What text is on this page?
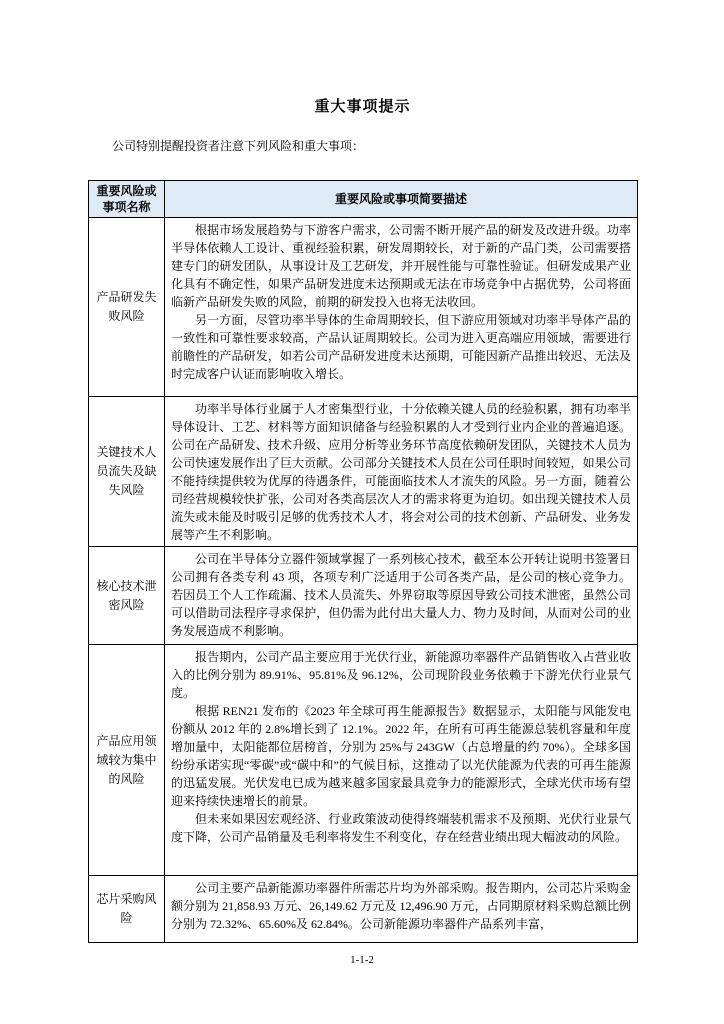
重大事项提示

公司特别提醒投资者注意下列风险和重大事项：

重要风险或事项名称	重要风险或事项简要描述
产品研发失败风险	根据市场发展趋势与下游客户需求，公司需不断开展产品的研发及改进升级。功率半导体依赖人工设计、重视经验积累，研发周期较长，对于新的产品门类，公司需要搭建专门的研发团队，从事设计及工艺研发，并开展性能与可靠性验证。但研发成果产业化具有不确定性，如果产品研发进度未达预期或无法在市场竞争中占据优势，公司将面临新产品研发失败的风险，前期的研发投入也将无法收回。

另一方面，尽管功率半导体的生命周期较长，但下游应用领域对功率半导体产品的一致性和可靠性要求较高，产品认证周期较长。公司为进入更高端应用领域，需要进行前瞻性的产品研发，如若公司产品研发进度未达预期，可能因新产品推出较迟、无法及时完成客户认证而影响收入增长。

关键技术人员流失及缺失风险	功率半导体行业属于人才密集型行业，十分依赖关键人员的经验积累，拥有功率半导体设计、工艺、材料等方面知识储备与经验积累的人才受到行业内企业的普遍追逐。公司在产品研发、技术升级、应用分析等业务环节高度依赖研发团队，关键技术人员为公司快速发展作出了巨大贡献。公司部分关键技术人员在公司任职时间较短，如果公司不能持续提供较为优厚的待遇条件，可能面临技术人才流失的风险。另一方面，随着公司经营规模较快扩张，公司对各类高层次人才的需求将更为迫切。如出现关键技术人员流失或未能及时吸引足够的优秀技术人才，将会对公司的技术创新、产品研发、业务发展等产生不利影响。

核心技术泄密风险	公司在半导体分立器件领域掌握了一系列核心技术，截至本公开转让说明书签署日公司拥有各类专利 43 项，各项专利广泛适用于公司各类产品，是公司的核心竞争力。若因员工个人工作疏漏、技术人员流失、外界窃取等原因导致公司技术泄密，虽然公司可以借助司法程序寻求保护，但仍需为此付出大量人力、物力及时间，从而对公司的业务发展造成不利影响。

产品应用领域较为集中的风险	报告期内，公司产品主要应用于光伏行业，新能源功率器件产品销售收入占营业收入的比例分别为 89.91%、95.81%及 96.12%，公司现阶段业务依赖于下游光伏行业景气度。

根据 REN21 发布的《2023 年全球可再生能源报告》数据显示，太阳能与风能发电份额从 2012 年的 2.8%增长到了 12.1%。2022 年，在所有可再生能源总装机容量和年度增加量中，太阳能都位居榜首，分别为 25%与 243GW（占总增量的约 70%）。全球多国纷纷承诺实现“零碳”或“碳中和”的气候目标，这推动了以光伏能源为代表的可再生能源的迅猛发展。光伏发电已成为越来越多国家最具竞争力的能源形式，全球光伏市场有望迎来持续快速增长的前景。

但未来如果因宏观经济、行业政策波动使得终端装机需求不及预期、光伏行业景气度下降，公司产品销量及毛利率将发生不利变化，存在经营业绩出现大幅波动的风险。

芯片采购风险	公司主要产品新能源功率器件所需芯片均为外部采购。报告期内，公司芯片采购金额分别为 21,858.93 万元、26,149.62 万元及 12,496.90 万元，占同期原材料采购总额比例分别为 72.32%、65.60%及 62.84%。公司新能源功率器件产品系列丰富，

1-1-2
